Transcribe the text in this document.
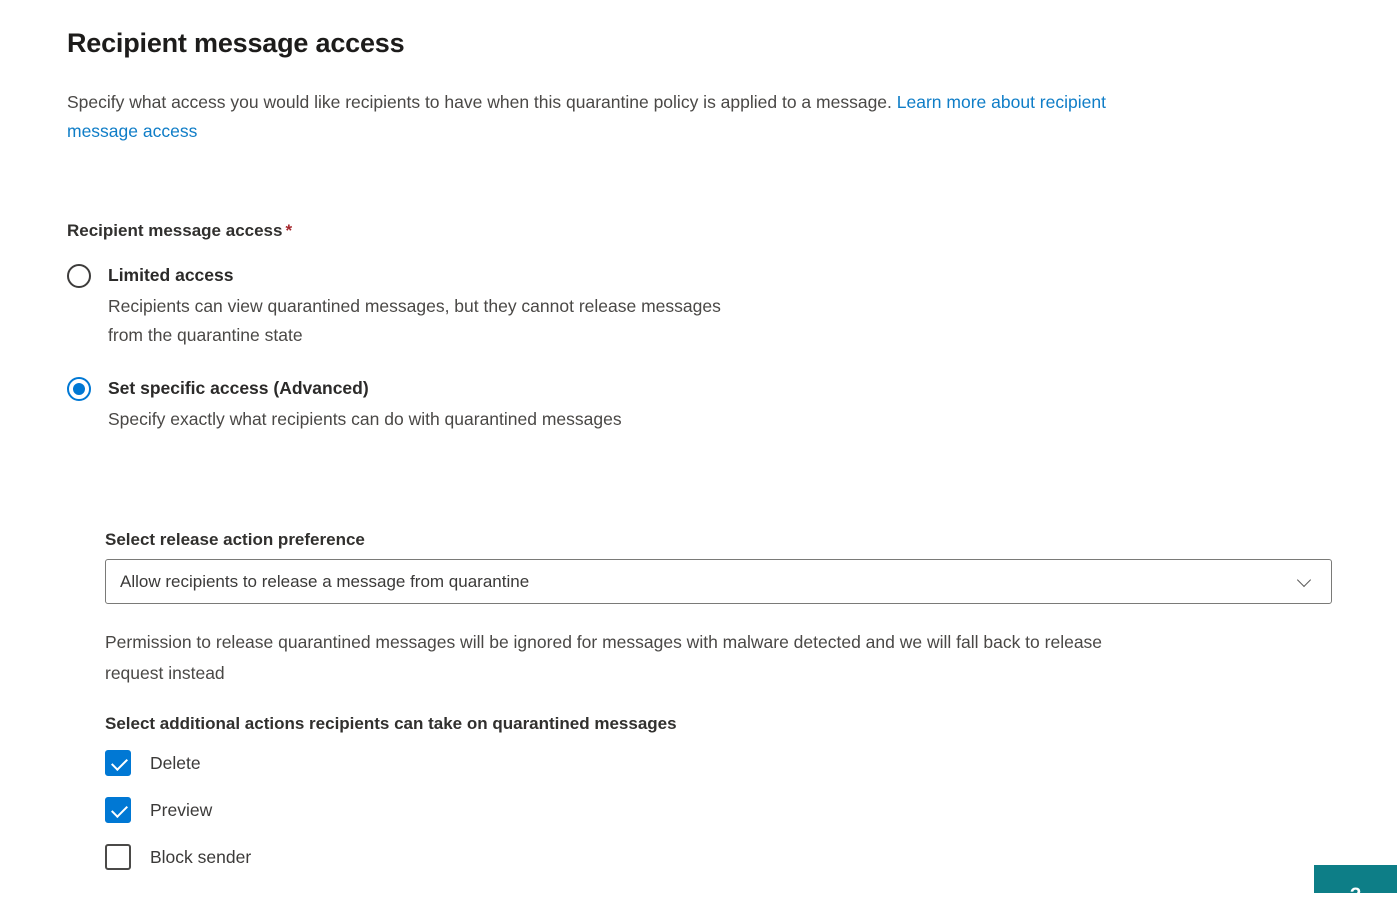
Recipient message access
Specify what access you would like recipients to have when this quarantine policy is applied to a message. Learn more about recipient
message access
Recipient message access *
Limited access
Recipients can view quarantined messages, but they cannot release messages
from the quarantine state
Set specific access (Advanced)
Specify exactly what recipients can do with quarantined messages
Select release action preference
Allow recipients to release a message from quarantine
Permission to release quarantined messages will be ignored for messages with malware detected and we will fall back to release
request instead
Select additional actions recipients can take on quarantined messages
Delete
Preview
Block sender
?
